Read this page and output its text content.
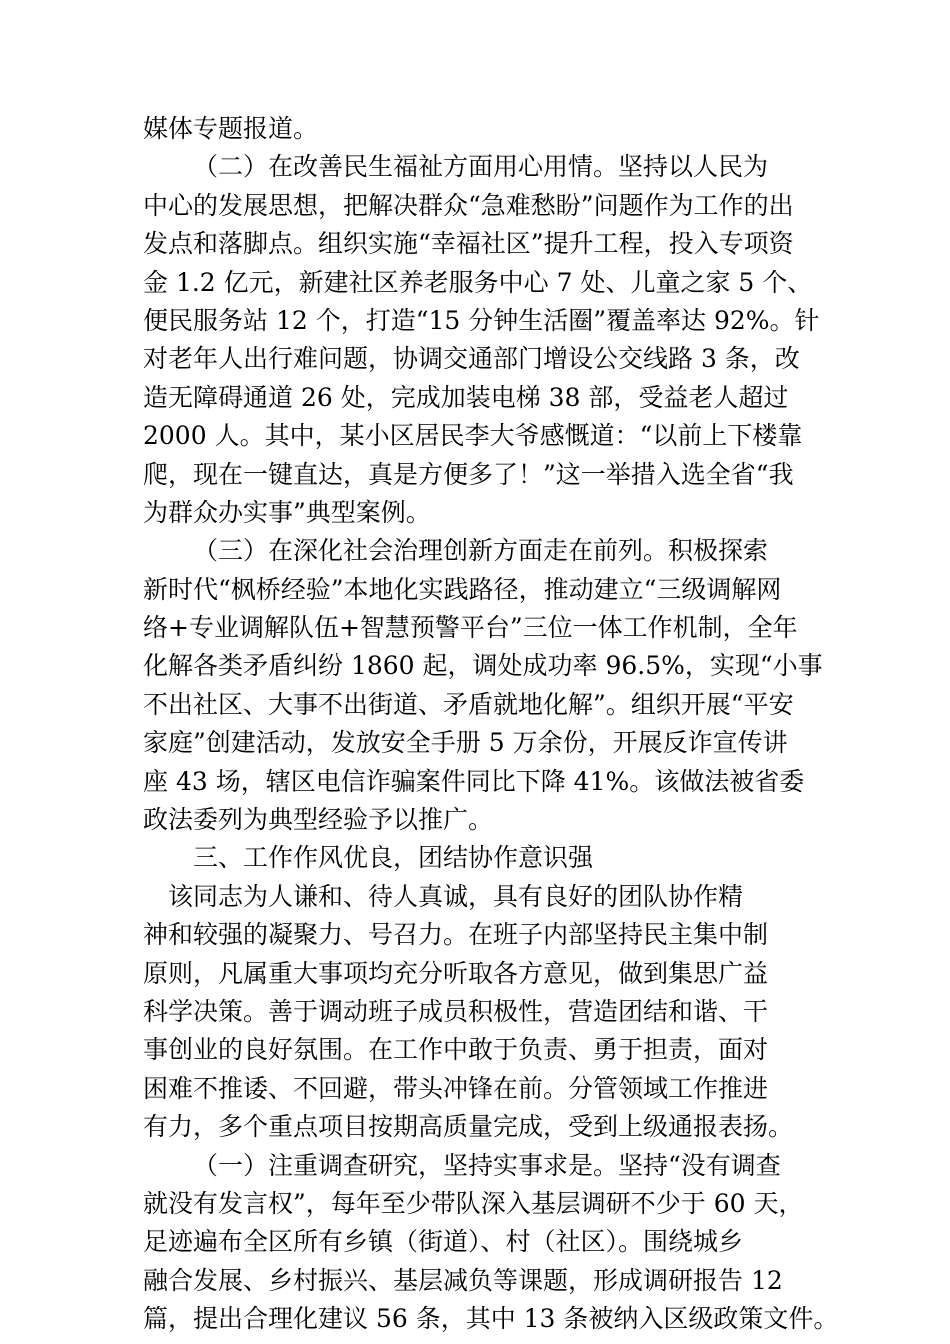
媒体专题报道。
（二）在改善民生福祉方面用心用情。坚持以人民为
中心的发展思想，把解决群众“急难愁盼”问题作为工作的出
发点和落脚点。组织实施“幸福社区”提升工程，投入专项资
金 1.2 亿元，新建社区养老服务中心 7 处、儿童之家 5 个、
便民服务站 12 个，打造“15 分钟生活圈”覆盖率达 92%。针
对老年人出行难问题，协调交通部门增设公交线路 3 条，改
造无障碍通道 26 处，完成加装电梯 38 部，受益老人超过
2000 人。其中，某小区居民李大爷感慨道：“以前上下楼靠
爬，现在一键直达，真是方便多了！”这一举措入选全省“我
为群众办实事”典型案例。
（三）在深化社会治理创新方面走在前列。积极探索
新时代“枫桥经验”本地化实践路径，推动建立“三级调解网
络+专业调解队伍+智慧预警平台”三位一体工作机制，全年
化解各类矛盾纠纷 1860 起，调处成功率 96.5%，实现“小事
不出社区、大事不出街道、矛盾就地化解”。组织开展“平安
家庭”创建活动，发放安全手册 5 万余份，开展反诈宣传讲
座 43 场，辖区电信诈骗案件同比下降 41%。该做法被省委
政法委列为典型经验予以推广。
三、工作作风优良，团结协作意识强
该同志为人谦和、待人真诚，具有良好的团队协作精
神和较强的凝聚力、号召力。在班子内部坚持民主集中制
原则，凡属重大事项均充分听取各方意见，做到集思广益
科学决策。善于调动班子成员积极性，营造团结和谐、干
事创业的良好氛围。在工作中敢于负责、勇于担责，面对
困难不推诿、不回避，带头冲锋在前。分管领域工作推进
有力，多个重点项目按期高质量完成，受到上级通报表扬。
（一）注重调查研究，坚持实事求是。坚持“没有调查
就没有发言权”，每年至少带队深入基层调研不少于 60 天，
足迹遍布全区所有乡镇（街道）、村（社区）。围绕城乡
融合发展、乡村振兴、基层减负等课题，形成调研报告 12
篇，提出合理化建议 56 条，其中 13 条被纳入区级政策文件。
